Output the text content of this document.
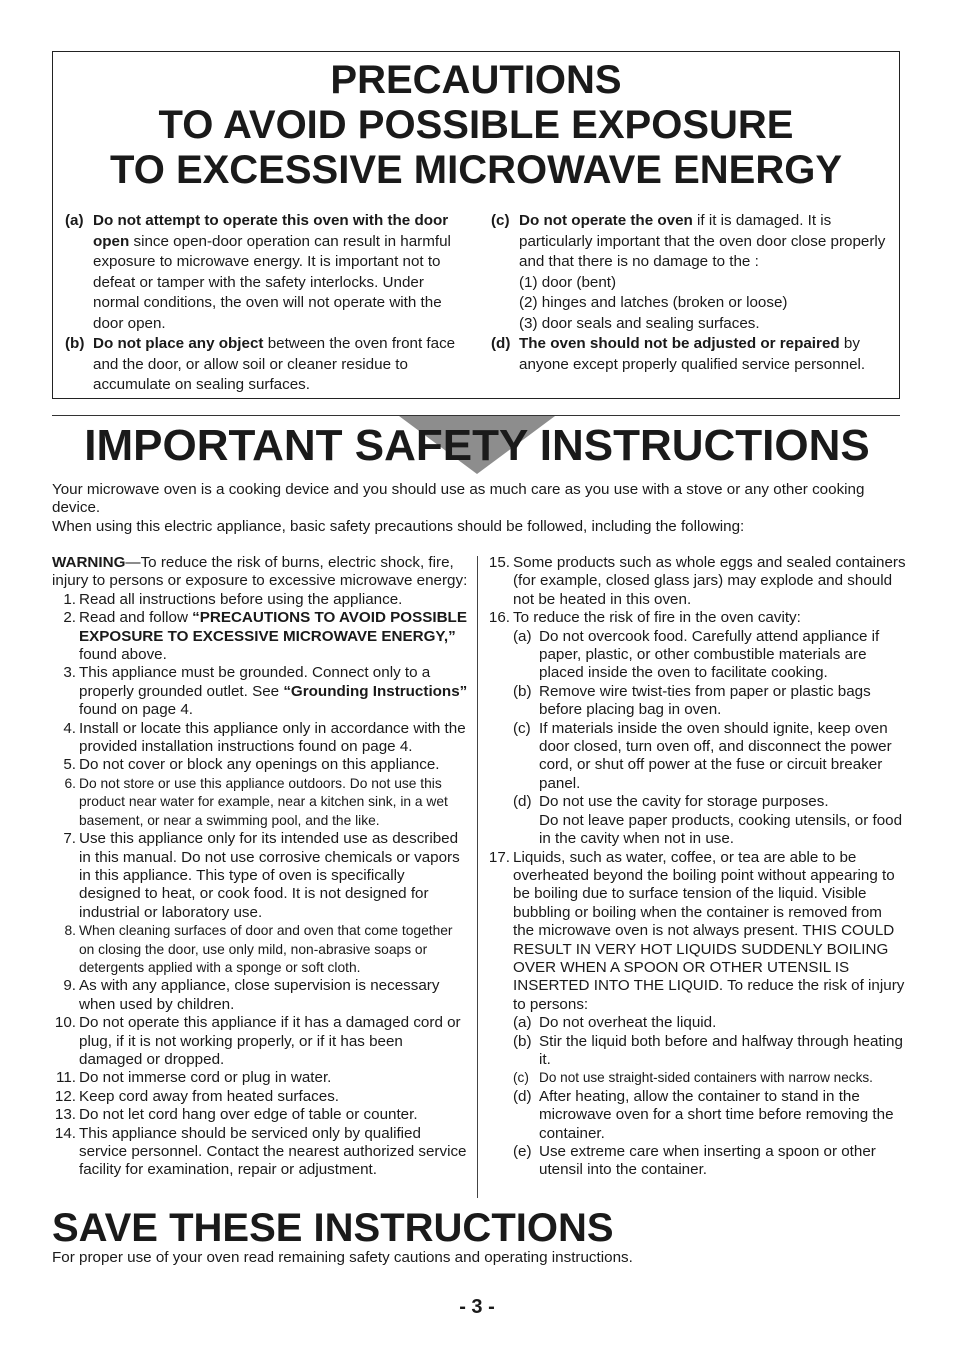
PRECAUTIONS
TO AVOID POSSIBLE EXPOSURE
TO EXCESSIVE MICROWAVE ENERGY
(a) Do not attempt to operate this oven with the door open since open-door operation can result in harmful exposure to microwave energy. It is important not to defeat or tamper with the safety interlocks. Under normal conditions, the oven will not operate with the door open.
(b) Do not place any object between the oven front face and the door, or allow soil or cleaner residue to accumulate on sealing surfaces.
(c) Do not operate the oven if it is damaged. It is particularly important that the oven door close properly and that there is no damage to the :
(1) door (bent)
(2) hinges and latches (broken or loose)
(3) door seals and sealing surfaces.
(d) The oven should not be adjusted or repaired by anyone except properly qualified service personnel.
IMPORTANT SAFETY INSTRUCTIONS

Your microwave oven is a cooking device and you should use as much care as you use with a stove or any other cooking device.

When using this electric appliance, basic safety precautions should be followed, including the following:

WARNING—To reduce the risk of burns, electric shock, fire, injury to persons or exposure to excessive microwave energy:
1. Read all instructions before using the appliance.
2. Read and follow “PRECAUTIONS TO AVOID POSSIBLE EXPOSURE TO EXCESSIVE MICROWAVE ENERGY,” found above.
3. This appliance must be grounded. Connect only to a properly grounded outlet. See “Grounding Instructions” found on page 4.
4. Install or locate this appliance only in accordance with the provided installation instructions found on page 4.
5. Do not cover or block any openings on this appliance.
6. Do not store or use this appliance outdoors. Do not use this product near water for example, near a kitchen sink, in a wet basement, or near a swimming pool, and the like.
7. Use this appliance only for its intended use as described in this manual. Do not use corrosive chemicals or vapors in this appliance. This type of oven is specifically designed to heat, or cook food. It is not designed for industrial or laboratory use.
8. When cleaning surfaces of door and oven that come together on closing the door, use only mild, non-abrasive soaps or detergents applied with a sponge or soft cloth.
9. As with any appliance, close supervision is necessary when used by children.
10. Do not operate this appliance if it has a damaged cord or plug, if it is not working properly, or if it has been damaged or dropped.
11. Do not immerse cord or plug in water.
12. Keep cord away from heated surfaces.
13. Do not let cord hang over edge of table or counter.
14. This appliance should be serviced only by qualified service personnel. Contact the nearest authorized service facility for examination, repair or adjustment.
15. Some products such as whole eggs and sealed containers (for example, closed glass jars) may explode and should not be heated in this oven.
16. To reduce the risk of fire in the oven cavity:
(a) Do not overcook food. Carefully attend appliance if paper, plastic, or other combustible materials are placed inside the oven to facilitate cooking.
(b) Remove wire twist-ties from paper or plastic bags before placing bag in oven.
(c) If materials inside the oven should ignite, keep oven door closed, turn oven off, and disconnect the power cord, or shut off power at the fuse or circuit breaker panel.
(d) Do not use the cavity for storage purposes.
Do not leave paper products, cooking utensils, or food in the cavity when not in use.
17. Liquids, such as water, coffee, or tea are able to be overheated beyond the boiling point without appearing to be boiling due to surface tension of the liquid. Visible bubbling or boiling when the container is removed from the microwave oven is not always present. THIS COULD RESULT IN VERY HOT LIQUIDS SUDDENLY BOILING OVER WHEN A SPOON OR OTHER UTENSIL IS INSERTED INTO THE LIQUID. To reduce the risk of injury to persons:
(a) Do not overheat the liquid.
(b) Stir the liquid both before and halfway through heating it.
(c) Do not use straight-sided containers with narrow necks.
(d) After heating, allow the container to stand in the microwave oven for a short time before removing the container.
(e) Use extreme care when inserting a spoon or other utensil into the container.
SAVE THESE INSTRUCTIONS
For proper use of your oven read remaining safety cautions and operating instructions.
- 3 -
